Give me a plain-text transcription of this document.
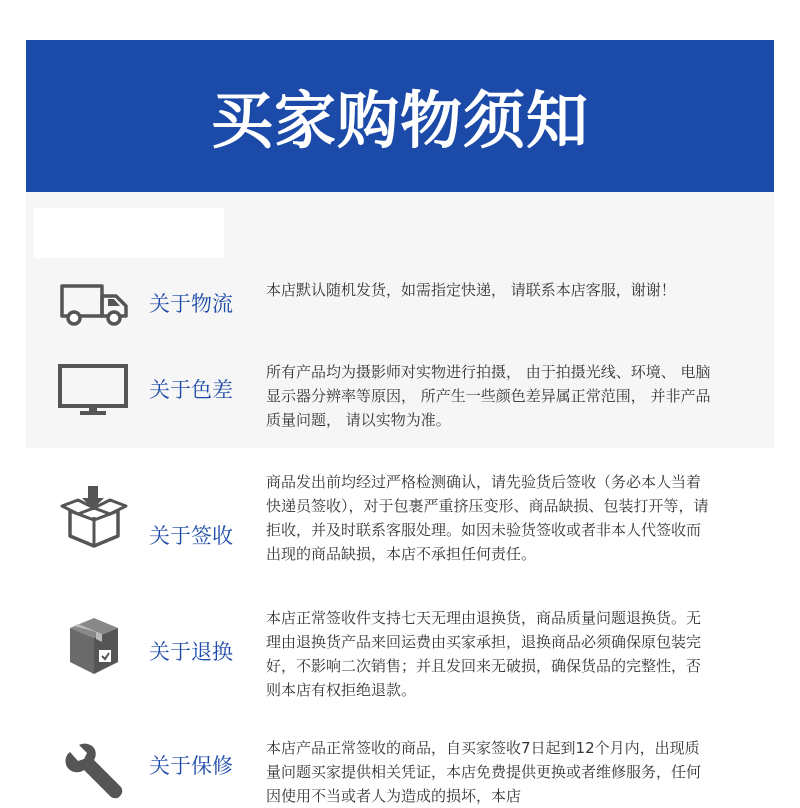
买家购物须知
关于物流
本店默认随机发货，如需指定快递， 请联系本店客服，谢谢！
关于色差
所有产品均为摄影师对实物进行拍摄， 由于拍摄光线、环境、 电脑显示器分辨率等原因， 所产生一些颜色差异属正常范围， 并非产品质量问题， 请以实物为准。
关于签收
商品发出前均经过严格检测确认，请先验货后签收（务必本人当着快递员签收），对于包裹严重挤压变形、商品缺损、包装打开等，请拒收，并及时联系客服处理。如因未验货签收或者非本人代签收而出现的商品缺损，本店不承担任何责任。
关于退换
本店正常签收件支持七天无理由退换货，商品质量问题退换货。无理由退换货产品来回运费由买家承担，退换商品必须确保原包装完好，不影响二次销售；并且发回来无破损，确保货品的完整性，否则本店有权拒绝退款。
关于保修
本店产品正常签收的商品，自买家签收7日起到12个月内，出现质量问题买家提供相关凭证，本店免费提供更换或者维修服务，任何因使用不当或者人为造成的损坏，本店
